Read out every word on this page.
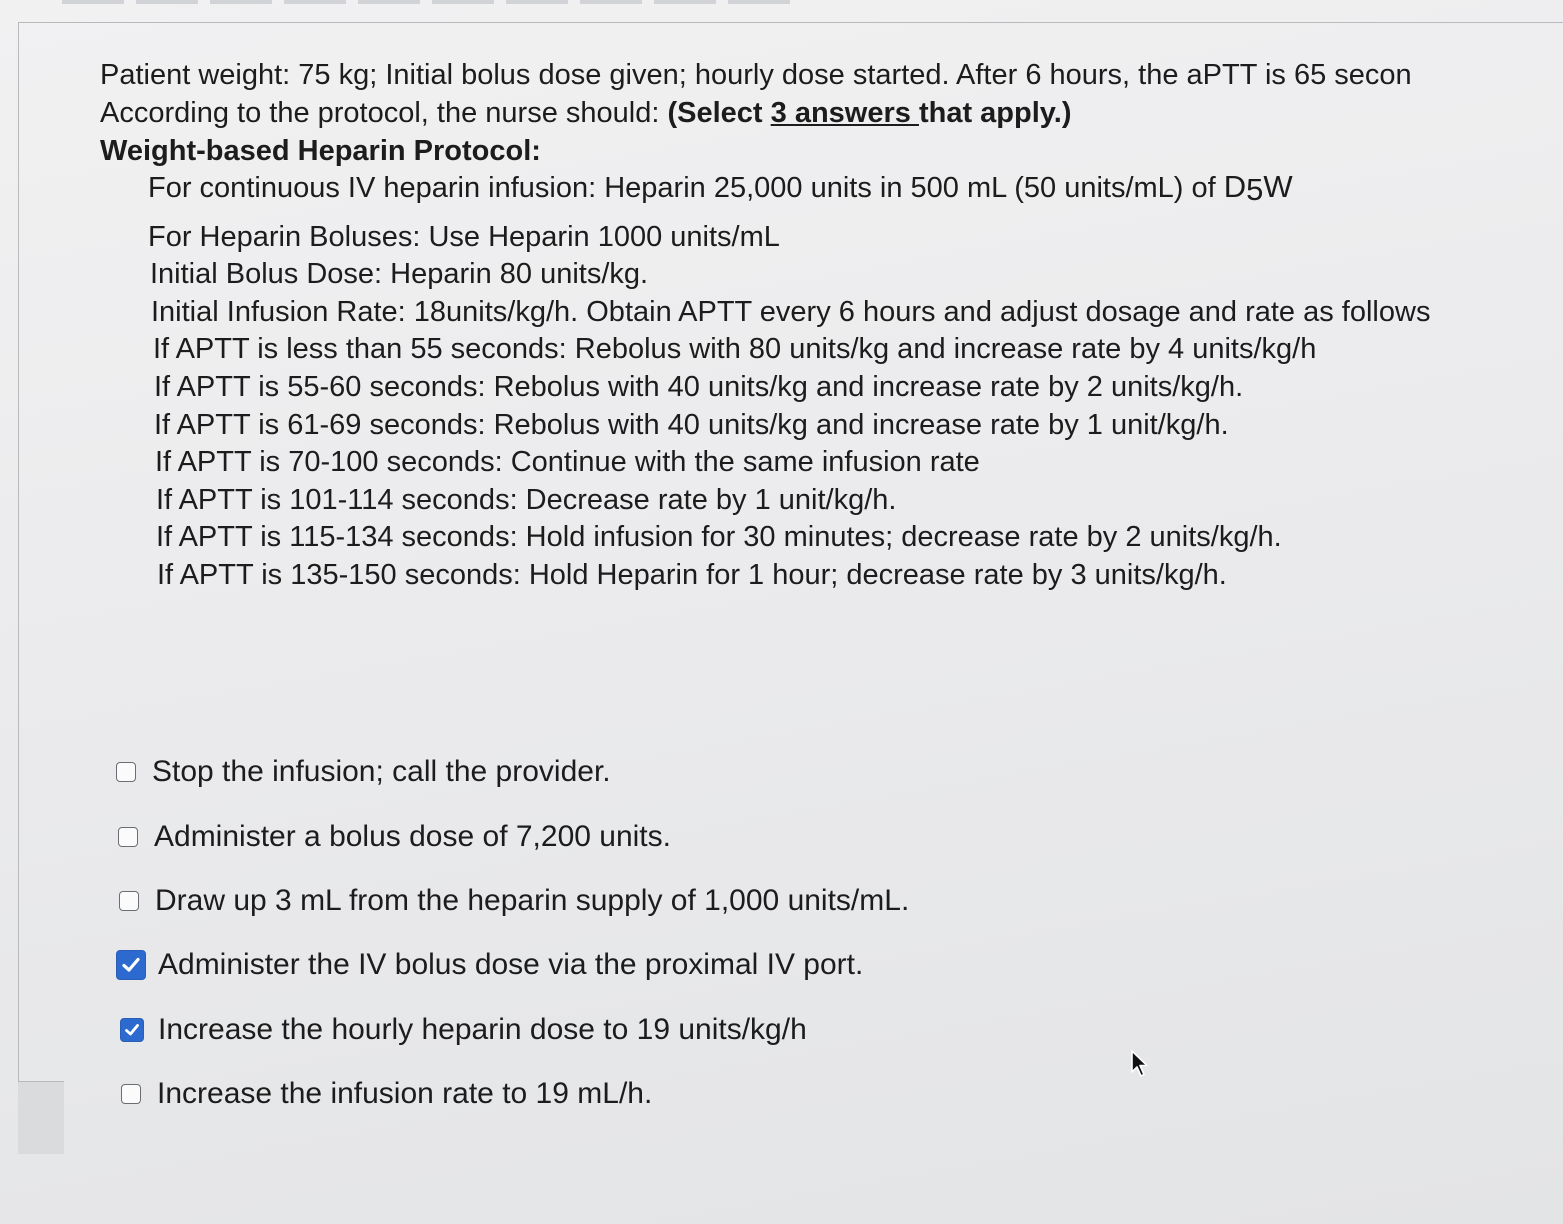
Patient weight: 75 kg; Initial bolus dose given; hourly dose started. After 6 hours, the aPTT is 65 secon
According to the protocol, the nurse should: (Select 3 answers that apply.)
Weight-based Heparin Protocol:
For continuous IV heparin infusion: Heparin 25,000 units in 500 mL (50 units/mL) of $D_5W$
For Heparin Boluses: Use Heparin 1000 units/mL
Initial Bolus Dose: Heparin 80 units/kg.
Initial Infusion Rate: 18units/kg/h. Obtain APTT every 6 hours and adjust dosage and rate as follows
If APTT is less than 55 seconds: Rebolus with 80 units/kg and increase rate by 4 units/kg/h
If APTT is 55-60 seconds: Rebolus with 40 units/kg and increase rate by 2 units/kg/h.
If APTT is 61-69 seconds: Rebolus with 40 units/kg and increase rate by 1 unit/kg/h.
If APTT is 70-100 seconds: Continue with the same infusion rate
If APTT is 101-114 seconds: Decrease rate by 1 unit/kg/h.
If APTT is 115-134 seconds: Hold infusion for 30 minutes; decrease rate by 2 units/kg/h.
If APTT is 135-150 seconds: Hold Heparin for 1 hour; decrease rate by 3 units/kg/h.
Stop the infusion; call the provider.
Administer a bolus dose of 7,200 units.
Draw up 3 mL from the heparin supply of 1,000 units/mL.
Administer the IV bolus dose via the proximal IV port.
Increase the hourly heparin dose to 19 units/kg/h
Increase the infusion rate to 19 mL/h.
